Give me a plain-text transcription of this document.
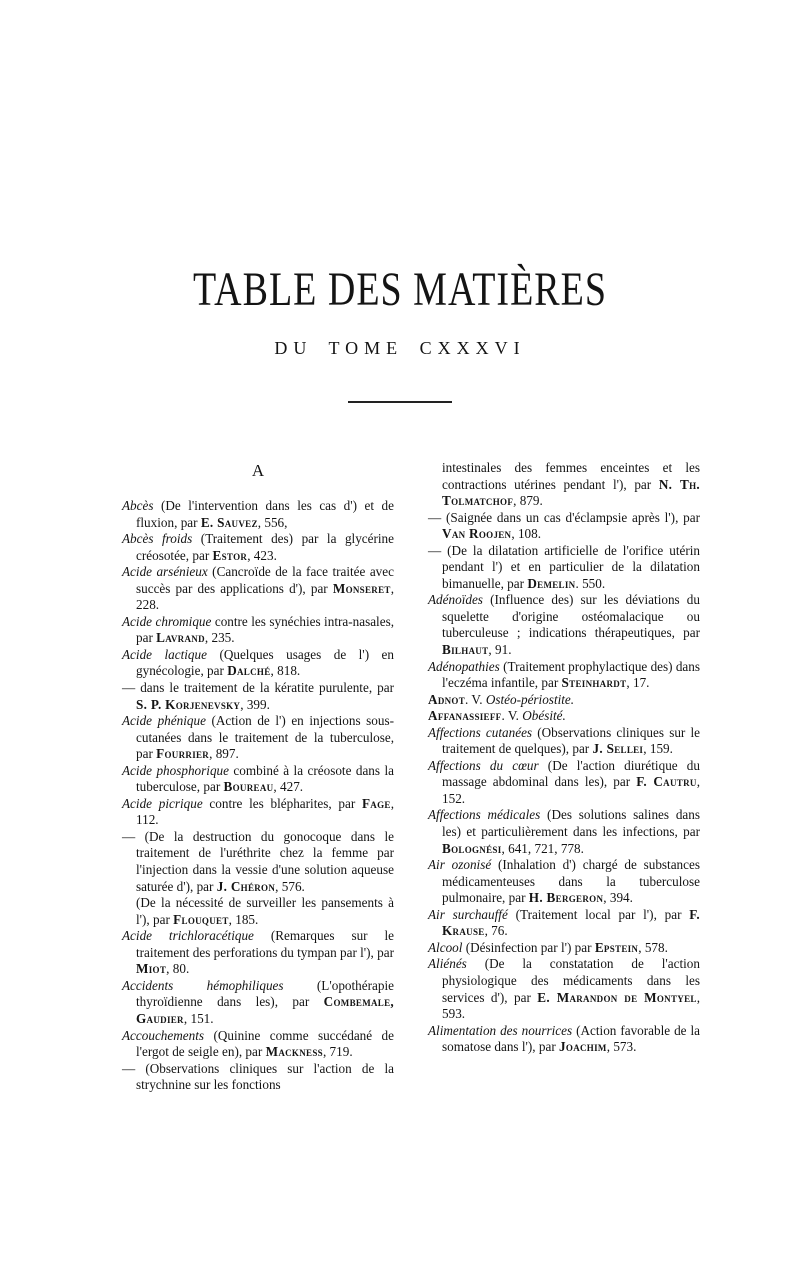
TABLE DES MATIÈRES
DU TOME CXXXVI
A

Abcès (De l'intervention dans les cas d') et de fluxion, par E. Sauvez, 556,

Abcès froids (Traitement des) par la glycérine créosotée, par Estor, 423.

Acide arsénieux (Cancroïde de la face traitée avec succès par des applications d'), par Monseret, 228.

Acide chromique contre les synéchies intra-nasales, par Lavrand, 235.

Acide lactique (Quelques usages de l') en gynécologie, par Dalché, 818.

— dans le traitement de la kératite purulente, par S. P. Korjenevsky, 399.

Acide phénique (Action de l') en injections sous-cutanées dans le traitement de la tuberculose, par Fourrier, 897.

Acide phosphorique combiné à la créosote dans la tuberculose, par Boureau, 427.

Acide picrique contre les blépharites, par Fage, 112.

— (De la destruction du gonocoque dans le traitement de l'uréthrite chez la femme par l'injection dans la vessie d'une solution aqueuse saturée d'), par J. Chéron, 576.

(De la nécessité de surveiller les pansements à l'), par Flouquet, 185.

Acide trichloracétique (Remarques sur le traitement des perforations du tympan par l'), par Miot, 80.

Accidents hémophiliques (L'opothérapie thyroïdienne dans les), par Combemale, Gaudier, 151.

Accouchements (Quinine comme succédané de l'ergot de seigle en), par Mackness, 719.

— (Observations cliniques sur l'action de la strychnine sur les fonctions

intestinales des femmes enceintes et les contractions utérines pendant l'), par N. Th. Tolmatchof, 879.

— (Saignée dans un cas d'éclampsie après l'), par Van Roojen, 108.

— (De la dilatation artificielle de l'orifice utérin pendant l') et en particulier de la dilatation bimanuelle, par Demelin. 550.

Adénoïdes (Influence des) sur les déviations du squelette d'origine ostéomalacique ou tuberculeuse ; indications thérapeutiques, par Bilhaut, 91.

Adénopathies (Traitement prophylactique des) dans l'eczéma infantile, par Steinhardt, 17.

Adnot. V. Ostéo-périostite.

Affanassieff. V. Obésité.

Affections cutanées (Observations cliniques sur le traitement de quelques), par J. Sellei, 159.

Affections du cœur (De l'action diurétique du massage abdominal dans les), par F. Cautru, 152.

Affections médicales (Des solutions salines dans les) et particulièrement dans les infections, par Bolognési, 641, 721, 778.

Air ozonisé (Inhalation d') chargé de substances médicamenteuses dans la tuberculose pulmonaire, par H. Bergeron, 394.

Air surchauffé (Traitement local par l'), par F. Krause, 76.

Alcool (Désinfection par l') par Epstein, 578.

Aliénés (De la constatation de l'action physiologique des médicaments dans les services d'), par E. Marandon de Montyel, 593.

Alimentation des nourrices (Action favorable de la somatose dans l'), par Joachim, 573.
